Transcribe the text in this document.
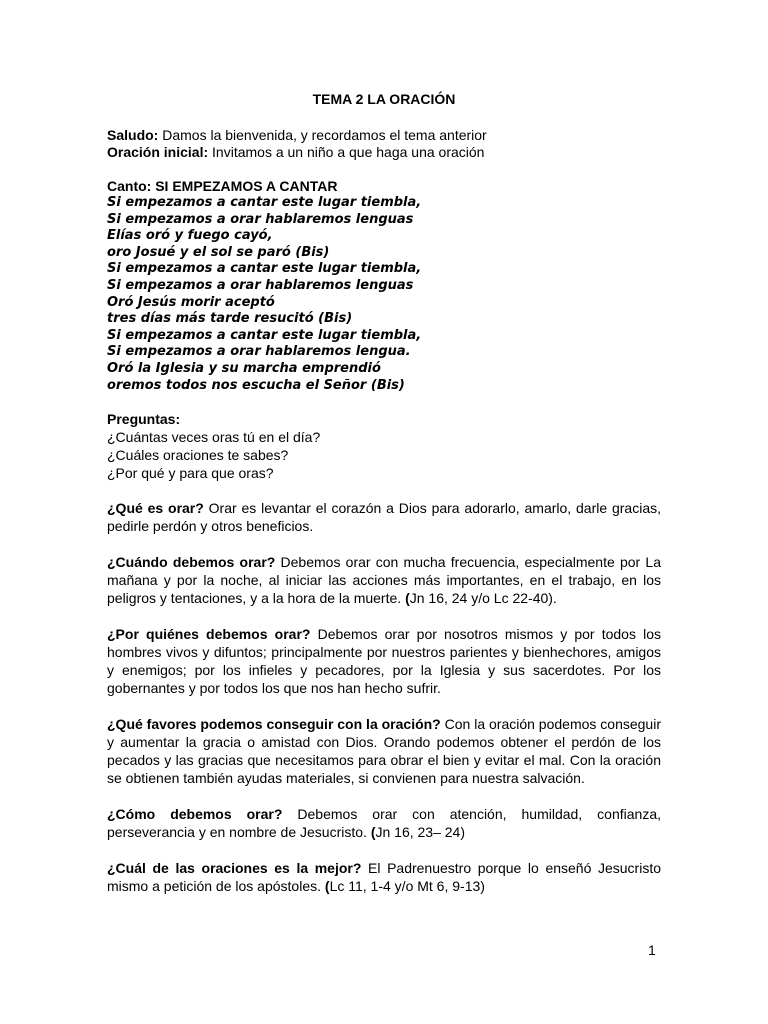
TEMA 2 LA ORACIÓN

Saludo: Damos la bienvenida, y recordamos el tema anterior

Oración inicial: Invitamos a un niño a que haga una oración

Canto: SI EMPEZAMOS A CANTAR

Si empezamos a cantar este lugar tiembla,

Si empezamos a orar hablaremos lenguas

Elías oró y fuego cayó,

oro Josué y el sol se paró (Bis)

Si empezamos a cantar este lugar tiembla,

Si empezamos a orar hablaremos lenguas

Oró Jesús morir aceptó

tres días más tarde resucitó (Bis)

Si empezamos a cantar este lugar tiembla,

Si empezamos a orar hablaremos lengua.

Oró la Iglesia y su marcha emprendió

oremos todos nos escucha el Señor (Bis)

Preguntas:

¿Cuántas veces oras tú en el día?

¿Cuáles oraciones te sabes?

¿Por qué y para que oras?

¿Qué es orar? Orar es levantar el corazón a Dios para adorarlo, amarlo, darle gracias, pedirle perdón y otros beneficios.

¿Cuándo debemos orar? Debemos orar con mucha frecuencia, especialmente por La mañana y por la noche, al iniciar las acciones más importantes, en el trabajo, en los peligros y tentaciones, y a la hora de la muerte. (Jn 16, 24 y/o Lc 22-40).

¿Por quiénes debemos orar? Debemos orar por nosotros mismos y por todos los hombres vivos y difuntos; principalmente por nuestros parientes y bienhechores, amigos y enemigos; por los infieles y pecadores, por la Iglesia y sus sacerdotes. Por los gobernantes y por todos los que nos han hecho sufrir.

¿Qué favores podemos conseguir con la oración? Con la oración podemos conseguir y aumentar la gracia o amistad con Dios. Orando podemos obtener el perdón de los pecados y las gracias que necesitamos para obrar el bien y evitar el mal. Con la oración se obtienen también ayudas materiales, si convienen para nuestra salvación.

¿Cómo debemos orar? Debemos orar con atención, humildad, confianza, perseverancia y en nombre de Jesucristo. (Jn 16, 23– 24)

¿Cuál de las oraciones es la mejor? El Padrenuestro porque lo enseñó Jesucristo mismo a petición de los apóstoles. (Lc 11, 1-4 y/o Mt 6, 9-13)

1
